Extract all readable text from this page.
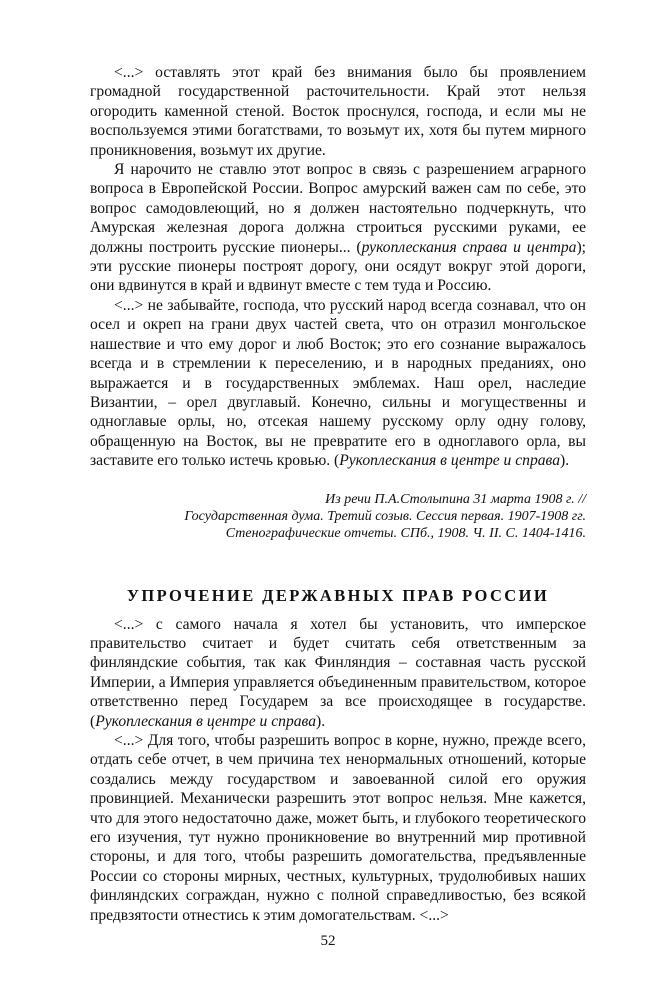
<...> оставлять этот край без внимания было бы проявлением громадной государственной расточительности. Край этот нельзя огородить каменной стеной. Восток проснулся, господа, и если мы не воспользуемся этими богатствами, то возьмут их, хотя бы путем мирного проникновения, возьмут их другие.

Я нарочито не ставлю этот вопрос в связь с разрешением аграрного вопроса в Европейской России. Вопрос амурский важен сам по себе, это вопрос самодовлеющий, но я должен настоятельно подчеркнуть, что Амурская железная дорога должна строиться русскими руками, ее должны построить русские пионеры... (рукоплескания справа и центра); эти русские пионеры построят дорогу, они осядут вокруг этой дороги, они вдвинутся в край и вдвинут вместе с тем туда и Россию.

<...> не забывайте, господа, что русский народ всегда сознавал, что он осел и окреп на грани двух частей света, что он отразил монгольское нашествие и что ему дорог и люб Восток; это его сознание выражалось всегда и в стремлении к переселению, и в народных преданиях, оно выражается и в государственных эмблемах. Наш орел, наследие Византии, – орел двуглавый. Конечно, сильны и могущественны и одноглавые орлы, но, отсекая нашему русскому орлу одну голову, обращенную на Восток, вы не превратите его в одноглавого орла, вы заставите его только истечь кровью. (Рукоплескания в центре и справа).

Из речи П.А.Столыпина 31 марта 1908 г. //
Государственная дума. Третий созыв. Сессия первая. 1907-1908 гг.
Стенографические отчеты. СПб., 1908. Ч. II. С. 1404-1416.
УПРОЧЕНИЕ ДЕРЖАВНЫХ ПРАВ РОССИИ

<...> с самого начала я хотел бы установить, что имперское правительство считает и будет считать себя ответственным за финляндские события, так как Финляндия – составная часть русской Империи, а Империя управляется объединенным правительством, которое ответственно перед Государем за все происходящее в государстве. (Рукоплескания в центре и справа).

<...> Для того, чтобы разрешить вопрос в корне, нужно, прежде всего, отдать себе отчет, в чем причина тех ненормальных отношений, которые создались между государством и завоеванной силой его оружия провинцией. Механически разрешить этот вопрос нельзя. Мне кажется, что для этого недостаточно даже, может быть, и глубокого теоретического его изучения, тут нужно проникновение во внутренний мир противной стороны, и для того, чтобы разрешить домогательства, предъявленные России со стороны мирных, честных, культурных, трудолюбивых наших финляндских сограждан, нужно с полной справедливостью, без всякой предвзятости отнестись к этим домогательствам. <...>

52
